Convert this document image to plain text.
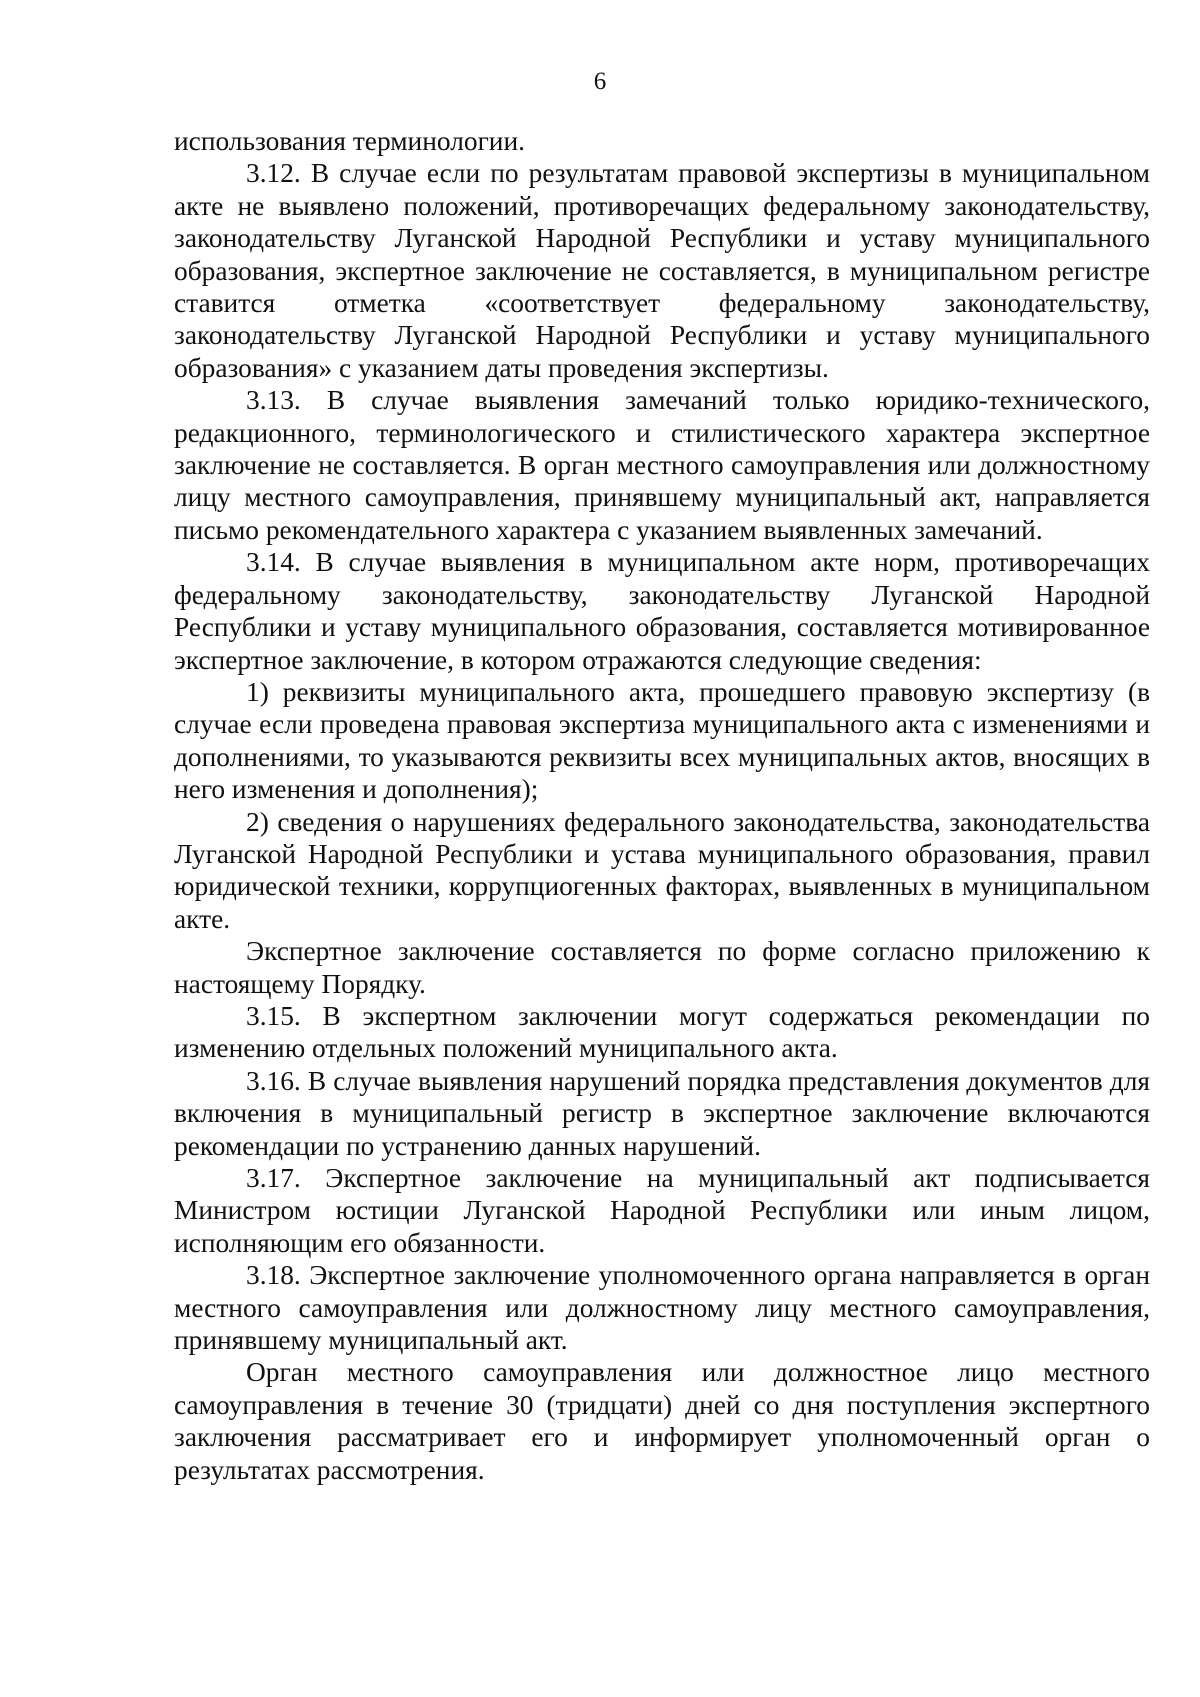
6

использования терминологии.

3.12. В случае если по результатам правовой экспертизы в муниципальном акте не выявлено положений, противоречащих федеральному законодательству, законодательству Луганской Народной Республики и уставу муниципального образования, экспертное заключение не составляется, в муниципальном регистре ставится отметка «соответствует федеральному законодательству, законодательству Луганской Народной Республики и уставу муниципального образования» с указанием даты проведения экспертизы.

3.13. В случае выявления замечаний только юридико-технического, редакционного, терминологического и стилистического характера экспертное заключение не составляется. В орган местного самоуправления или должностному лицу местного самоуправления, принявшему муниципальный акт, направляется письмо рекомендательного характера с указанием выявленных замечаний.

3.14. В случае выявления в муниципальном акте норм, противоречащих федеральному законодательству, законодательству Луганской Народной Республики и уставу муниципального образования, составляется мотивированное экспертное заключение, в котором отражаются следующие сведения:

1) реквизиты муниципального акта, прошедшего правовую экспертизу (в случае если проведена правовая экспертиза муниципального акта с изменениями и дополнениями, то указываются реквизиты всех муниципальных актов, вносящих в него изменения и дополнения);

2) сведения о нарушениях федерального законодательства, законодательства Луганской Народной Республики и устава муниципального образования, правил юридической техники, коррупциогенных факторах, выявленных в муниципальном акте.

Экспертное заключение составляется по форме согласно приложению к настоящему Порядку.

3.15. В экспертном заключении могут содержаться рекомендации по изменению отдельных положений муниципального акта.

3.16. В случае выявления нарушений порядка представления документов для включения в муниципальный регистр в экспертное заключение включаются рекомендации по устранению данных нарушений.

3.17. Экспертное заключение на муниципальный акт подписывается Министром юстиции Луганской Народной Республики или иным лицом, исполняющим его обязанности.

3.18. Экспертное заключение уполномоченного органа направляется в орган местного самоуправления или должностному лицу местного самоуправления, принявшему муниципальный акт.

Орган местного самоуправления или должностное лицо местного самоуправления в течение 30 (тридцати) дней со дня поступления экспертного заключения рассматривает его и информирует уполномоченный орган о результатах рассмотрения.
